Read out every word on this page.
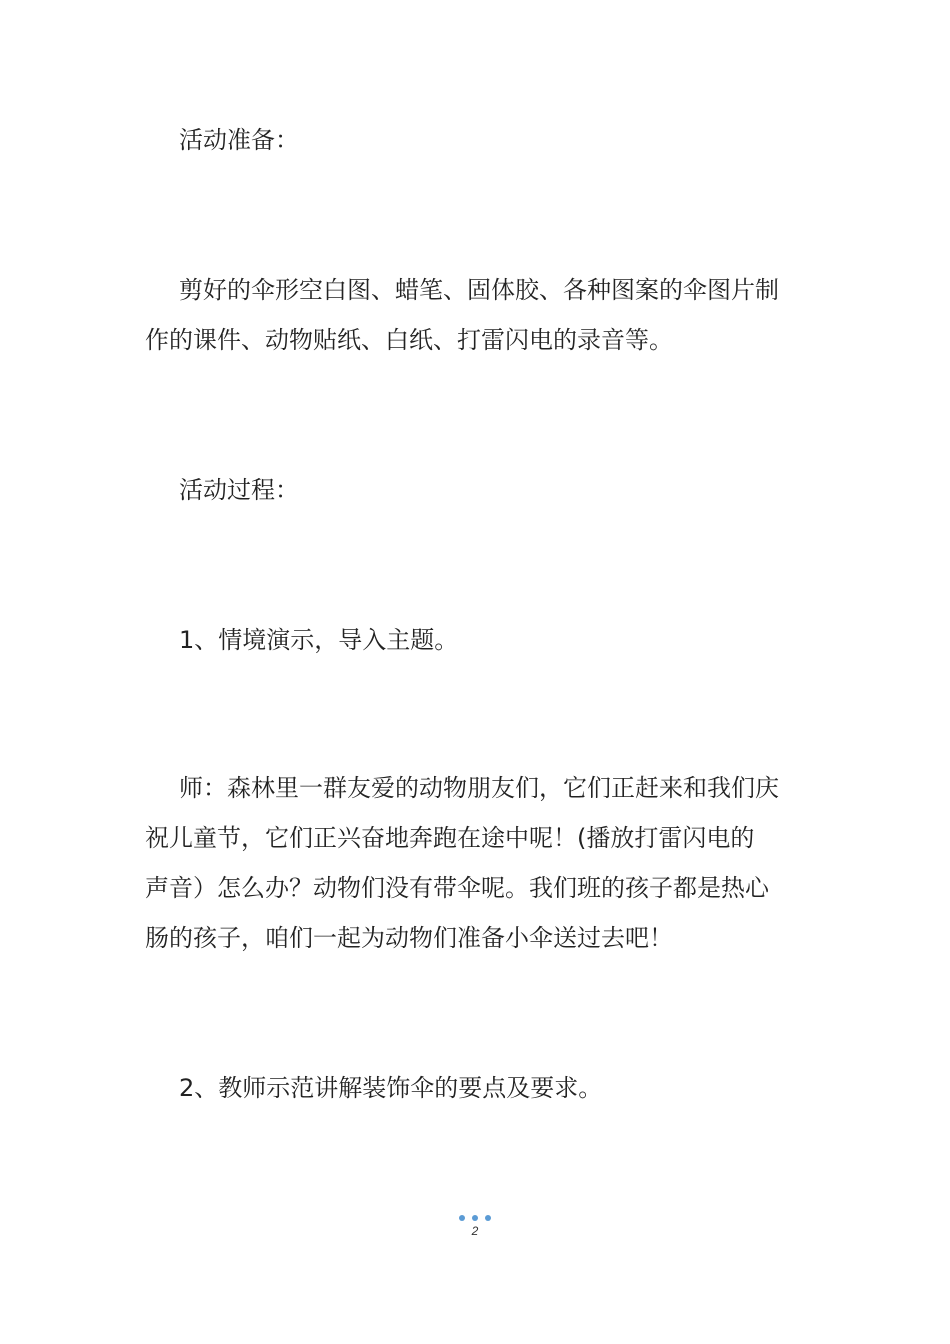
活动准备：

剪好的伞形空白图、蜡笔、固体胶、各种图案的伞图片制
作的课件、动物贴纸、白纸、打雷闪电的录音等。

活动过程：

1、情境演示，导入主题。

师：森林里一群友爱的动物朋友们，它们正赶来和我们庆
祝儿童节，它们正兴奋地奔跑在途中呢！(播放打雷闪电的
声音）怎么办？动物们没有带伞呢。我们班的孩子都是热心
肠的孩子，咱们一起为动物们准备小伞送过去吧！

2、教师示范讲解装饰伞的要点及要求。

2
